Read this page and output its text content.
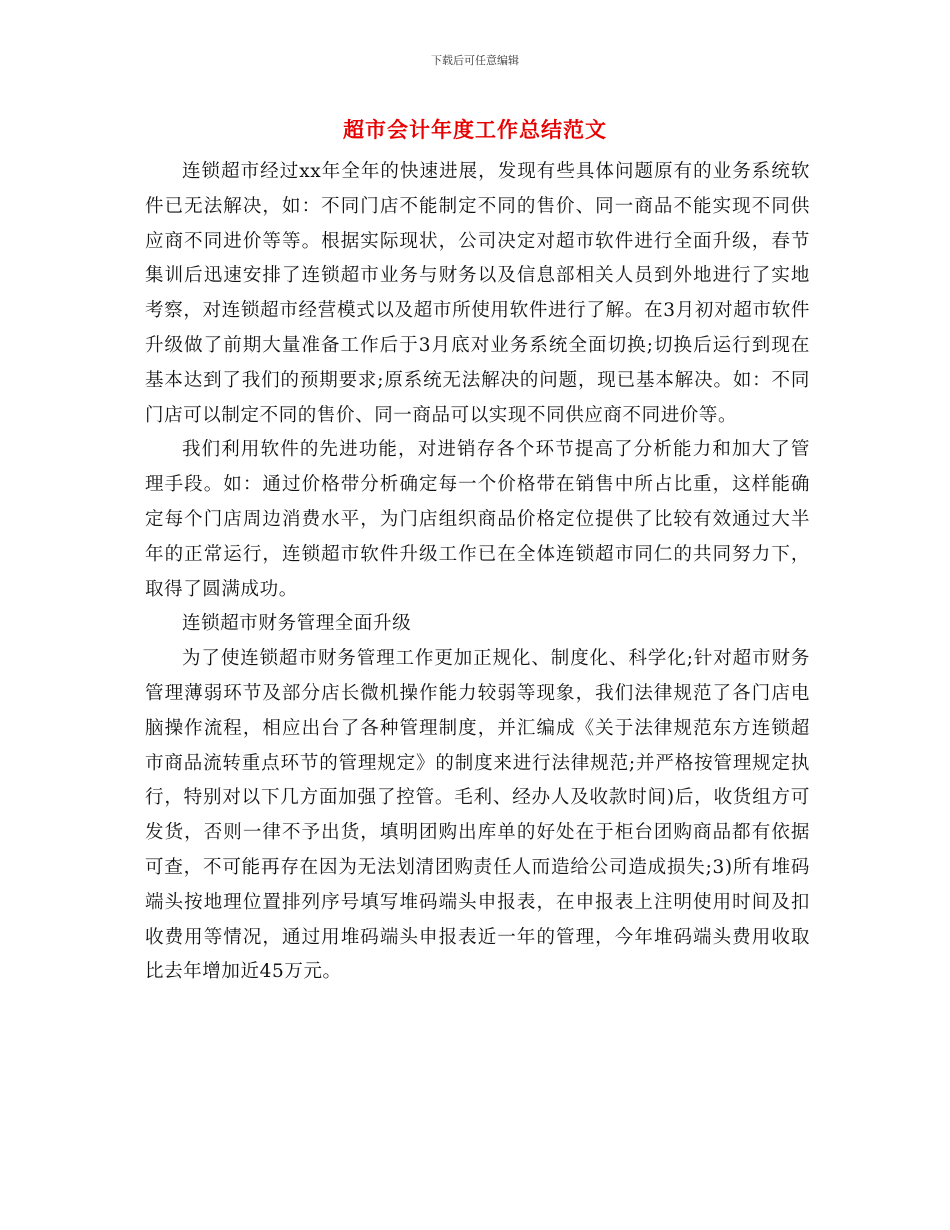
下载后可任意编辑
超市会计年度工作总结范文

连锁超市经过xx年全年的快速进展，发现有些具体问题原有的业务系统软件已无法解决，如：不同门店不能制定不同的售价、同一商品不能实现不同供应商不同进价等等。根据实际现状，公司决定对超市软件进行全面升级，春节集训后迅速安排了连锁超市业务与财务以及信息部相关人员到外地进行了实地考察，对连锁超市经营模式以及超市所使用软件进行了解。在3月初对超市软件升级做了前期大量准备工作后于3月底对业务系统全面切换;切换后运行到现在基本达到了我们的预期要求;原系统无法解决的问题，现已基本解决。如：不同门店可以制定不同的售价、同一商品可以实现不同供应商不同进价等。

我们利用软件的先进功能，对进销存各个环节提高了分析能力和加大了管理手段。如：通过价格带分析确定每一个价格带在销售中所占比重，这样能确定每个门店周边消费水平，为门店组织商品价格定位提供了比较有效通过大半年的正常运行，连锁超市软件升级工作已在全体连锁超市同仁的共同努力下，取得了圆满成功。

连锁超市财务管理全面升级

为了使连锁超市财务管理工作更加正规化、制度化、科学化;针对超市财务管理薄弱环节及部分店长微机操作能力较弱等现象，我们法律规范了各门店电脑操作流程，相应出台了各种管理制度，并汇编成《关于法律规范东方连锁超市商品流转重点环节的管理规定》的制度来进行法律规范;并严格按管理规定执行，特别对以下几方面加强了控管。毛利、经办人及收款时间)后，收货组方可发货，否则一律不予出货，填明团购出库单的好处在于柜台团购商品都有依据可查，不可能再存在因为无法划清团购责任人而造给公司造成损失;3)所有堆码端头按地理位置排列序号填写堆码端头申报表，在申报表上注明使用时间及扣收费用等情况，通过用堆码端头申报表近一年的管理，今年堆码端头费用收取比去年增加近45万元。
